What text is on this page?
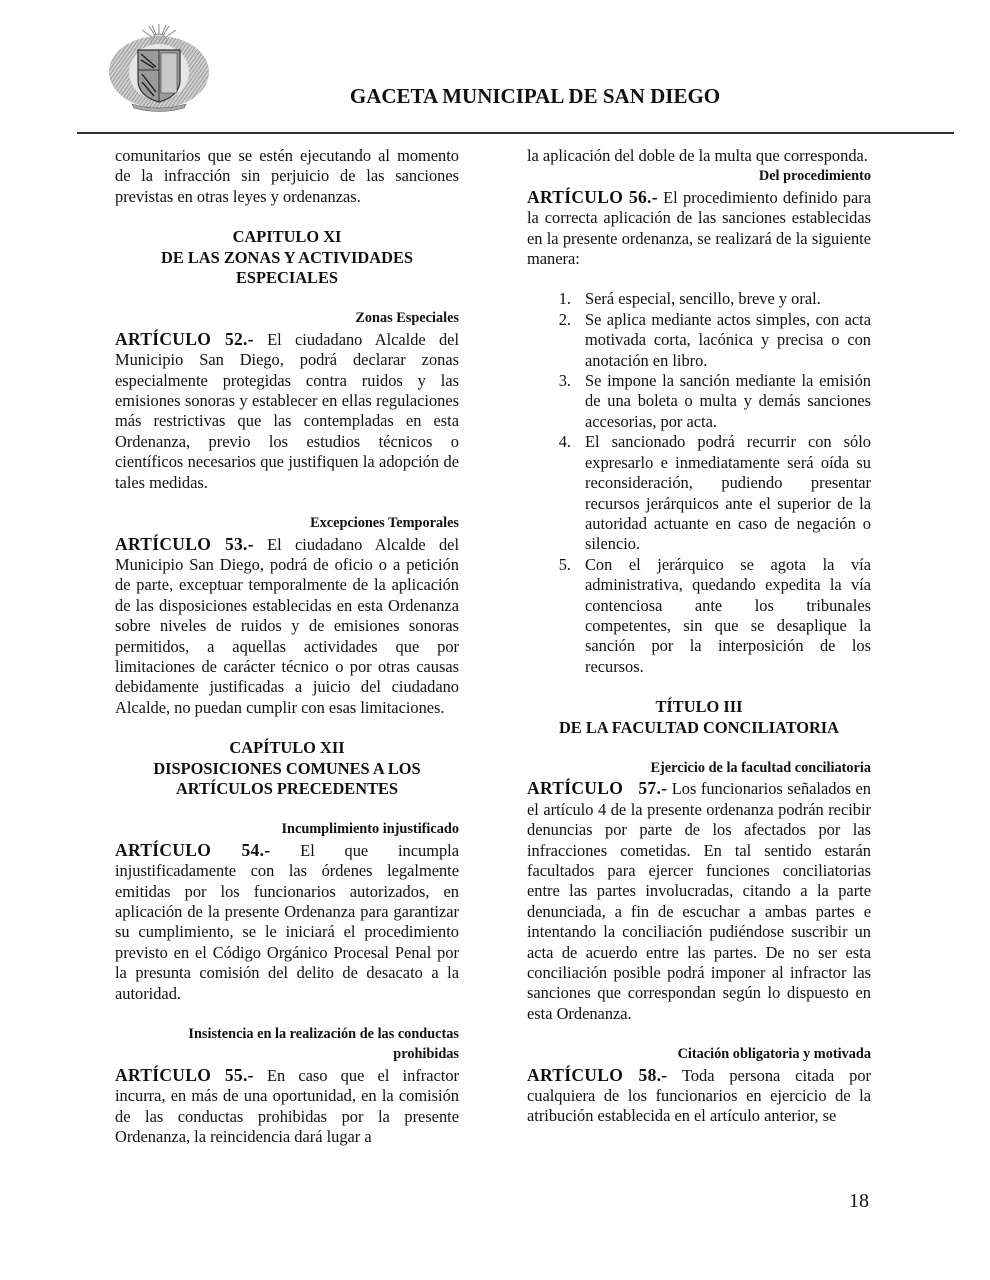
GACETA MUNICIPAL DE SAN DIEGO

comunitarios que se estén ejecutando al momento de la infracción sin perjuicio de las sanciones previstas en otras leyes y ordenanzas.

CAPITULO XI
DE LAS ZONAS Y ACTIVIDADES
ESPECIALES

Zonas Especiales

ARTÍCULO 52.- El ciudadano Alcalde del Municipio San Diego, podrá declarar zonas especialmente protegidas contra ruidos y las emisiones sonoras y establecer en ellas regulaciones más restrictivas que las contempladas en esta Ordenanza, previo los estudios técnicos o científicos necesarios que justifiquen la adopción de tales medidas.

Excepciones Temporales

ARTÍCULO 53.- El ciudadano Alcalde del Municipio San Diego, podrá de oficio o a petición de parte, exceptuar temporalmente de la aplicación de las disposiciones establecidas en esta Ordenanza sobre niveles de ruidos y de emisiones sonoras permitidos, a aquellas actividades que por limitaciones de carácter técnico o por otras causas debidamente justificadas a juicio del ciudadano Alcalde, no puedan cumplir con esas limitaciones.

CAPÍTULO XII
DISPOSICIONES COMUNES A LOS
ARTÍCULOS PRECEDENTES

Incumplimiento injustificado

ARTÍCULO 54.- El que incumpla injustificadamente con las órdenes legalmente emitidas por los funcionarios autorizados, en aplicación de la presente Ordenanza para garantizar su cumplimiento, se le iniciará el procedimiento previsto en el Código Orgánico Procesal Penal por la presunta comisión del delito de desacato a la autoridad.

Insistencia en la realización de las conductas

prohibidas

ARTÍCULO 55.- En caso que el infractor incurra, en más de una oportunidad, en la comisión de las conductas prohibidas por la presente Ordenanza, la reincidencia dará lugar a

la aplicación del doble de la multa que corresponda.

Del procedimiento

ARTÍCULO 56.- El procedimiento definido para la correcta aplicación de las sanciones establecidas en la presente ordenanza, se realizará de la siguiente manera:

1. Será especial, sencillo, breve y oral.
2. Se aplica mediante actos simples, con acta motivada corta, lacónica y precisa o con anotación en libro.
3. Se impone la sanción mediante la emisión de una boleta o multa y demás sanciones accesorias, por acta.
4. El sancionado podrá recurrir con sólo expresarlo e inmediatamente será oída su reconsideración, pudiendo presentar recursos jerárquicos ante el superior de la autoridad actuante en caso de negación o silencio.
5. Con el jerárquico se agota la vía administrativa, quedando expedita la vía contenciosa ante los tribunales competentes, sin que se desaplique la sanción por la interposición de los recursos.
TÍTULO III
DE LA FACULTAD CONCILIATORIA

Ejercicio de la facultad conciliatoria

ARTÍCULO   57.- Los funcionarios señalados en el artículo 4 de la presente ordenanza podrán recibir denuncias por parte de los afectados por las infracciones cometidas. En tal sentido estarán facultados para ejercer funciones conciliatorias entre las partes involucradas, citando a la parte denunciada, a fin de escuchar a ambas partes e intentando la conciliación pudiéndose suscribir un acta de acuerdo entre las partes. De no ser esta conciliación posible podrá imponer al infractor las sanciones que correspondan según lo dispuesto en esta Ordenanza.

Citación obligatoria y motivada

ARTÍCULO 58.- Toda persona citada por cualquiera de los funcionarios en ejercicio de la atribución establecida en el artículo anterior, se

18
